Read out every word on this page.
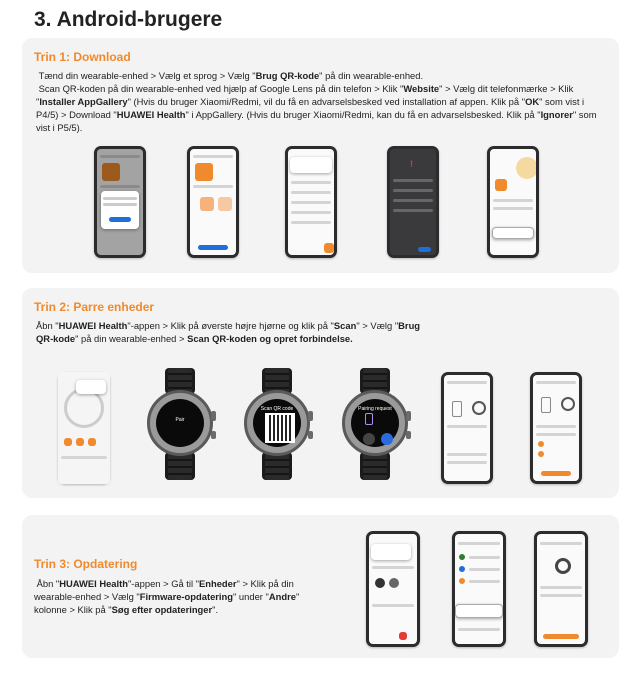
3. Android-brugere
Trin 1: Download
Tænd din wearable-enhed > Vælg et sprog > Vælg "Brug QR-kode" på din wearable-enhed.
Scan QR-koden på din wearable-enhed ved hjælp af Google Lens på din telefon > Klik "Website" > Vælg dit telefonmærke > Klik "Installer AppGallery" (Hvis du bruger Xiaomi/Redmi, vil du få en advarselsbesked ved installation af appen. Klik på "OK" som vist i P4/5) > Download "HUAWEI Health" i AppGallery. (Hvis du bruger Xiaomi/Redmi, kan du få en advarselsbesked. Klik på "Ignorer" som vist i P5/5).
!
Trin 2: Parre enheder
Åbn "HUAWEI Health"-appen > Klik på øverste højre hjørne og klik på "Scan" > Vælg "Brug QR-kode" på din wearable-enhed > Scan QR-koden og opret forbindelse.
Pair
Scan QR code	Pairing request
Trin 3: Opdatering
Åbn "HUAWEI Health"-appen > Gå til "Enheder" > Klik på din wearable-enhed > Vælg "Firmware-opdatering" under "Andre" kolonne > Klik på "Søg efter opdateringer".
